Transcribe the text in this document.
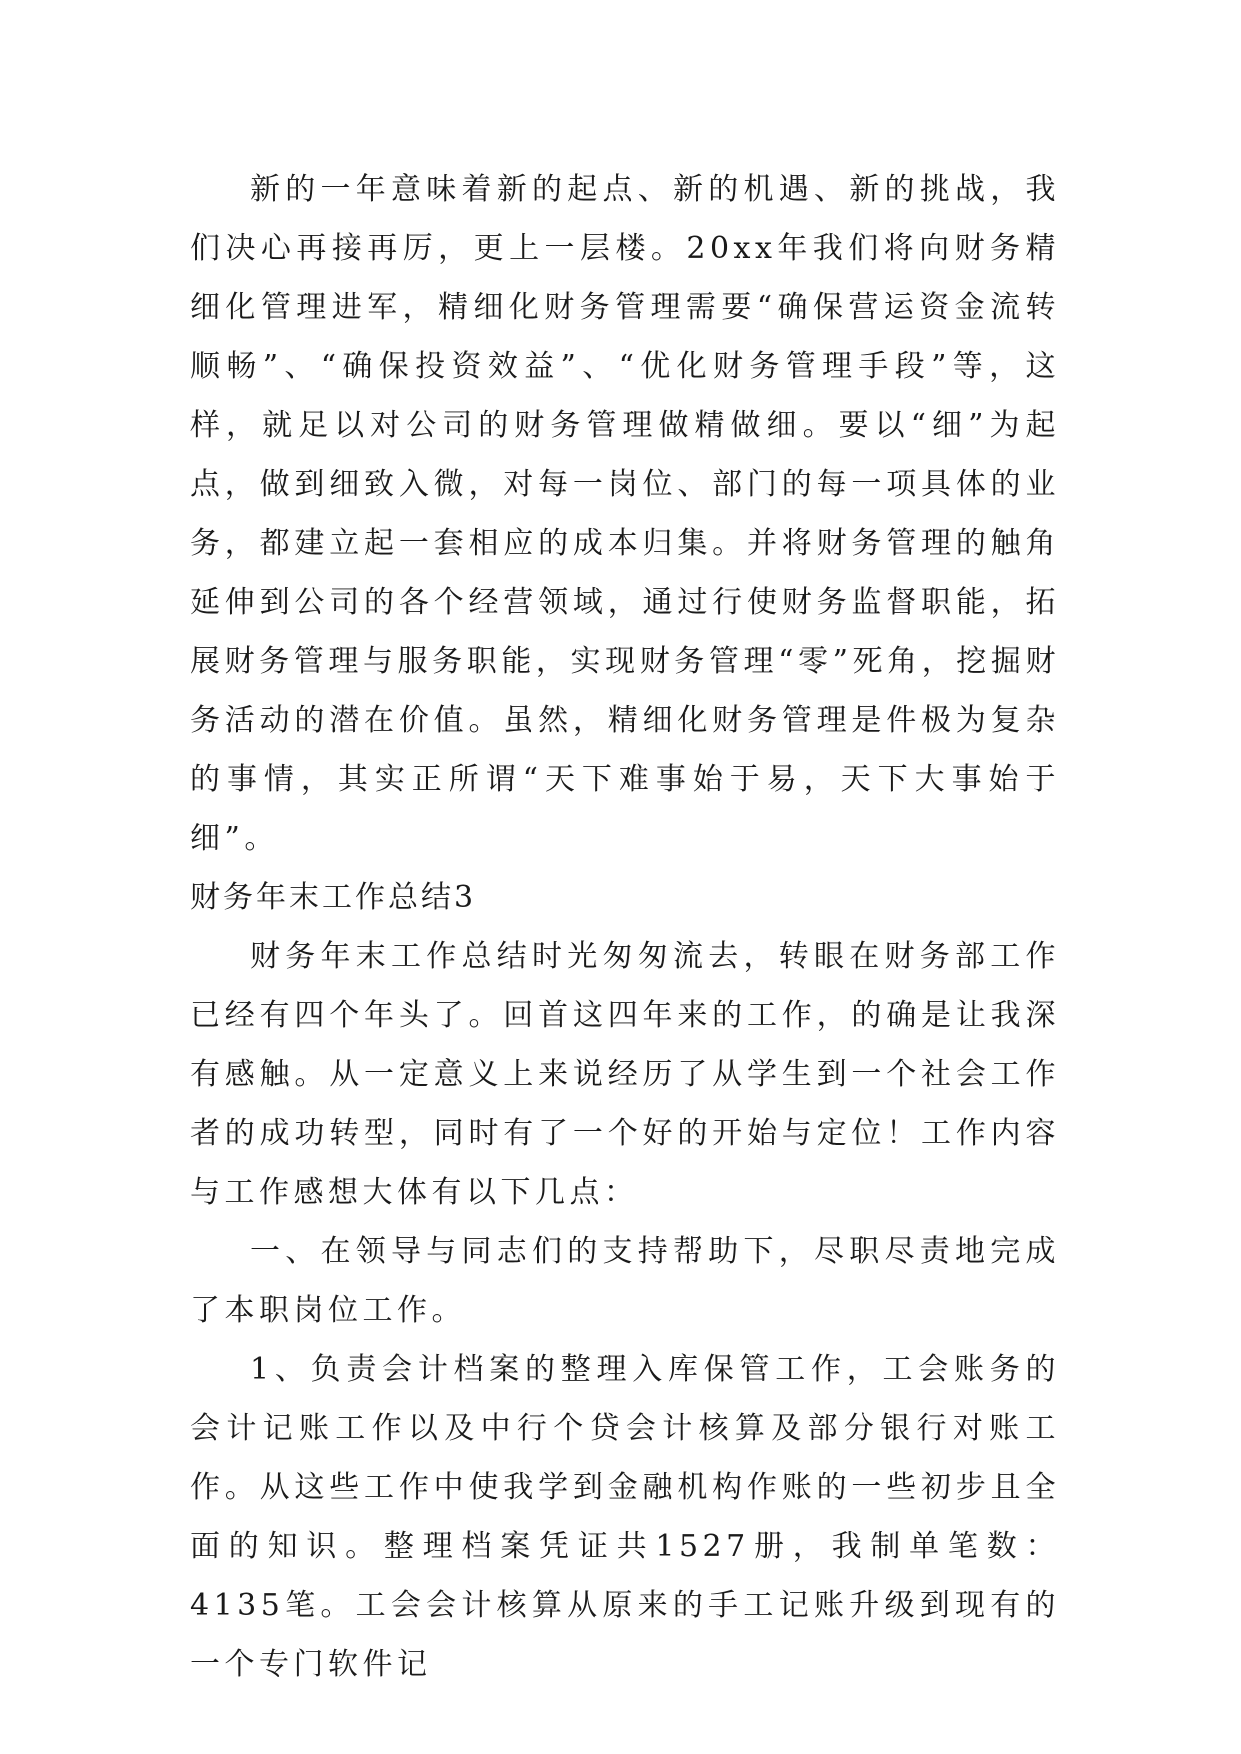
新的一年意味着新的起点、新的机遇、新的挑战，我们决心再接再厉，更上一层楼。20xx年我们将向财务精细化管理进军，精细化财务管理需要“确保营运资金流转顺畅”、“确保投资效益”、“优化财务管理手段”等，这样，就足以对公司的财务管理做精做细。要以“细”为起点，做到细致入微，对每一岗位、部门的每一项具体的业务，都建立起一套相应的成本归集。并将财务管理的触角延伸到公司的各个经营领域，通过行使财务监督职能，拓展财务管理与服务职能，实现财务管理“零”死角，挖掘财务活动的潜在价值。虽然，精细化财务管理是件极为复杂的事情，其实正所谓“天下难事始于易，天下大事始于细”。

财务年末工作总结3

财务年末工作总结时光匆匆流去，转眼在财务部工作已经有四个年头了。回首这四年来的工作，的确是让我深有感触。从一定意义上来说经历了从学生到一个社会工作者的成功转型，同时有了一个好的开始与定位！工作内容与工作感想大体有以下几点：

一、在领导与同志们的支持帮助下，尽职尽责地完成了本职岗位工作。

1、负责会计档案的整理入库保管工作，工会账务的会计记账工作以及中行个贷会计核算及部分银行对账工作。从这些工作中使我学到金融机构作账的一些初步且全面的知识。整理档案凭证共1527册，我制单笔数：4135笔。工会会计核算从原来的手工记账升级到现有的一个专门软件记
